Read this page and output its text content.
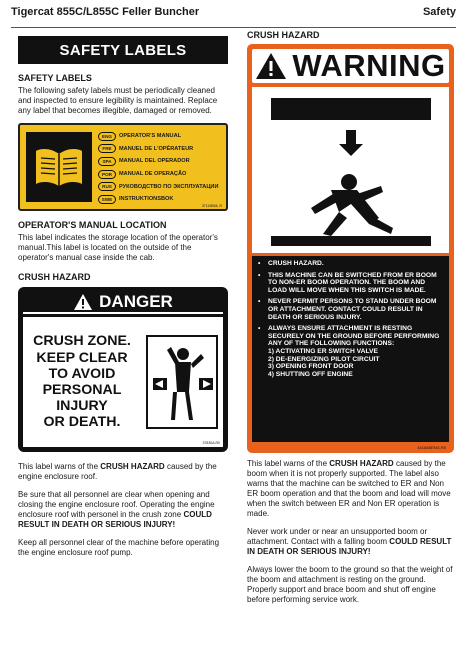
Tigercat 855C/L855C Feller Buncher	Safety
SAFETY LABELS
SAFETY LABELS

The following safety labels must be periodically cleaned and inspected to ensure legibility is maintained. Replace any label that becomes illegible, damaged or removed.

ENG	OPERATOR'S MANUAL
FRE	MANUEL DE L'OPÉRATEUR
SPA	MANUAL DEL OPERADOR
POR	MANUAL DE OPERAÇÃO
RUS	РУКОВОДСТВО ПО ЭКСПЛУАТАЦИИ
SWE	INSTRUKTIONSBOK
37119BML.R
OPERATOR'S MANUAL LOCATION

This label indicates the storage location of the operator's manual.This label is located on the outside of the operator's manual case inside the cab.

CRUSH HAZARD
DANGER
CRUSH ZONE.
KEEP CLEAR
TO AVOID
PERSONAL
INJURY
OR DEATH.
37830A.R0

This label warns of the CRUSH HAZARD caused by the engine enclosure roof.

Be sure that all personnel are clear when opening and closing the engine enclosure roof. Operating the engine enclosure roof with personel in the crush zone COULD RESULT IN DEATH OR SERIOUS INJURY!

Keep all personnel clear of the machine before operating the engine enclosure roof pump.

CRUSH HAZARD
WARNING
• CRUSH HAZARD.
• THIS MACHINE CAN BE SWITCHED FROM ER BOOM TO NON-ER BOOM OPERATION. THE BOOM AND LOAD WILL MOVE WHEN THIS SWITCH IS MADE.
• NEVER PERMIT PERSONS TO STAND UNDER BOOM OR ATTACHMENT. CONTACT COULD RESULT IN DEATH OR SERIOUS INJURY.
• ALWAYS ENSURE ATTACHMENT IS RESTING SECURELY ON THE GROUND BEFORE PERFORMING ANY OF THE FOLLOWING FUNCTIONS:
1) ACTIVATING ER SWITCH VALVE
2) DE-ENERGIZING PILOT CIRCUIT
3) OPENING FRONT DOOR
4) SHUTTING OFF ENGINE
44184BENG.R0

This label warns of the CRUSH HAZARD caused by the boom when it is not properly supported. The label also warns that the machine can be switched to ER and Non ER boom operation and that the boom and load will move when the switch between ER and Non ER operation is made.

Never work under or near an unsupported boom or attachment. Contact with a falling boom COULD RESULT IN DEATH OR SERIOUS INJURY!

Always lower the boom to the ground so that the weight of the boom and attachment is resting on the ground. Properly support and brace boom and shut off engine before performing service work.
